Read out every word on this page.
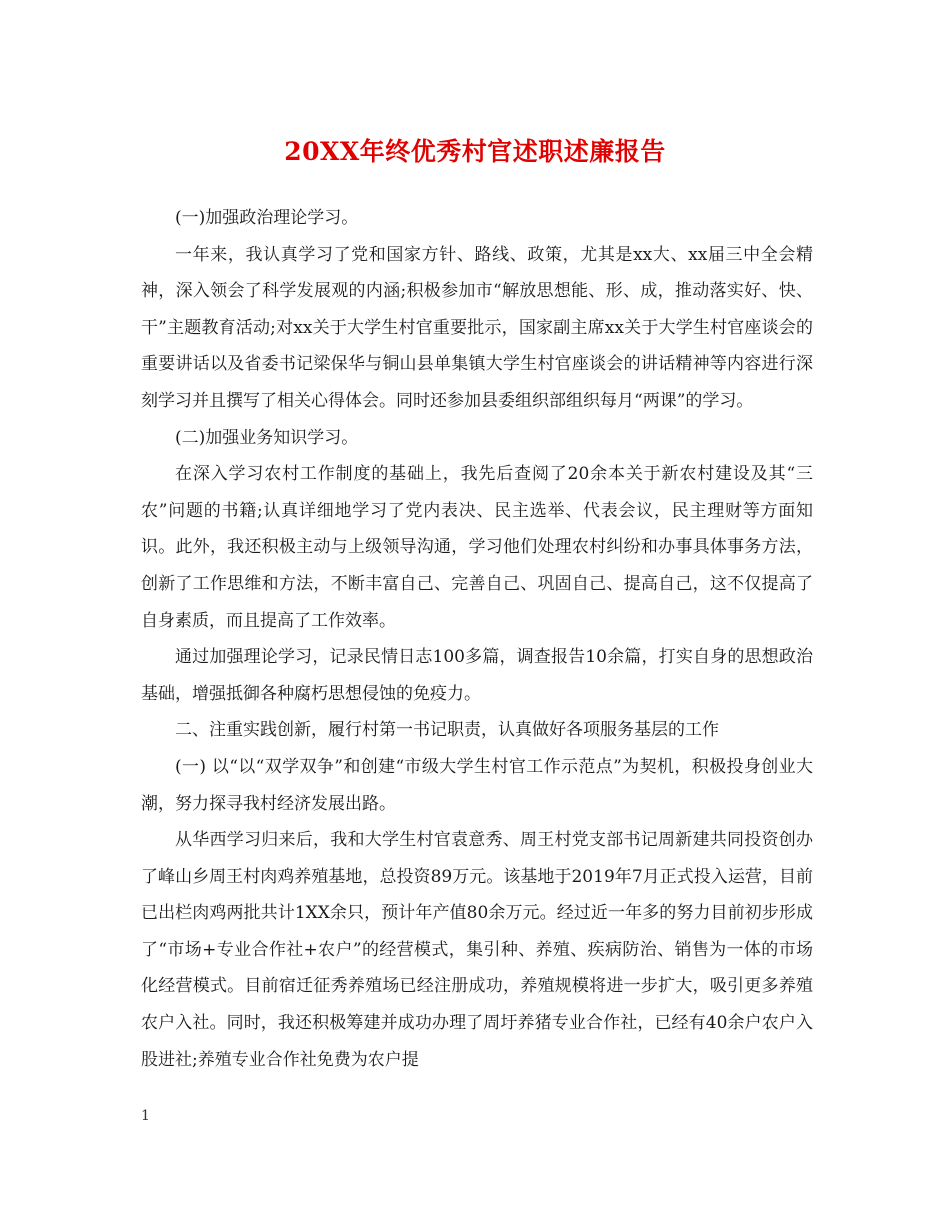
20XX年终优秀村官述职述廉报告

(一)加强政治理论学习。

一年来，我认真学习了党和国家方针、路线、政策，尤其是xx大、xx届三中全会精神，深入领会了科学发展观的内涵;积极参加市“解放思想能、形、成，推动落实好、快、干”主题教育活动;对xx关于大学生村官重要批示，国家副主席xx关于大学生村官座谈会的重要讲话以及省委书记梁保华与铜山县单集镇大学生村官座谈会的讲话精神等内容进行深刻学习并且撰写了相关心得体会。同时还参加县委组织部组织每月“两课”的学习。

(二)加强业务知识学习。

在深入学习农村工作制度的基础上，我先后查阅了20余本关于新农村建设及其“三农”问题的书籍;认真详细地学习了党内表决、民主选举、代表会议，民主理财等方面知识。此外，我还积极主动与上级领导沟通，学习他们处理农村纠纷和办事具体事务方法，创新了工作思维和方法，不断丰富自己、完善自己、巩固自己、提高自己，这不仅提高了自身素质，而且提高了工作效率。

通过加强理论学习，记录民情日志100多篇，调查报告10余篇，打实自身的思想政治基础，增强抵御各种腐朽思想侵蚀的免疫力。

二、注重实践创新，履行村第一书记职责，认真做好各项服务基层的工作

(一) 以“以“双学双争”和创建“市级大学生村官工作示范点”为契机，积极投身创业大潮，努力探寻我村经济发展出路。

从华西学习归来后，我和大学生村官袁意秀、周王村党支部书记周新建共同投资创办了峰山乡周王村肉鸡养殖基地，总投资89万元。该基地于2019年7月正式投入运营，目前已出栏肉鸡两批共计1XX余只，预计年产值80余万元。经过近一年多的努力目前初步形成了“市场+专业合作社+农户”的经营模式，集引种、养殖、疾病防治、销售为一体的市场化经营模式。目前宿迁征秀养殖场已经注册成功，养殖规模将进一步扩大，吸引更多养殖农户入社。同时，我还积极筹建并成功办理了周圩养猪专业合作社，已经有40余户农户入股进社;养殖专业合作社免费为农户提

1
